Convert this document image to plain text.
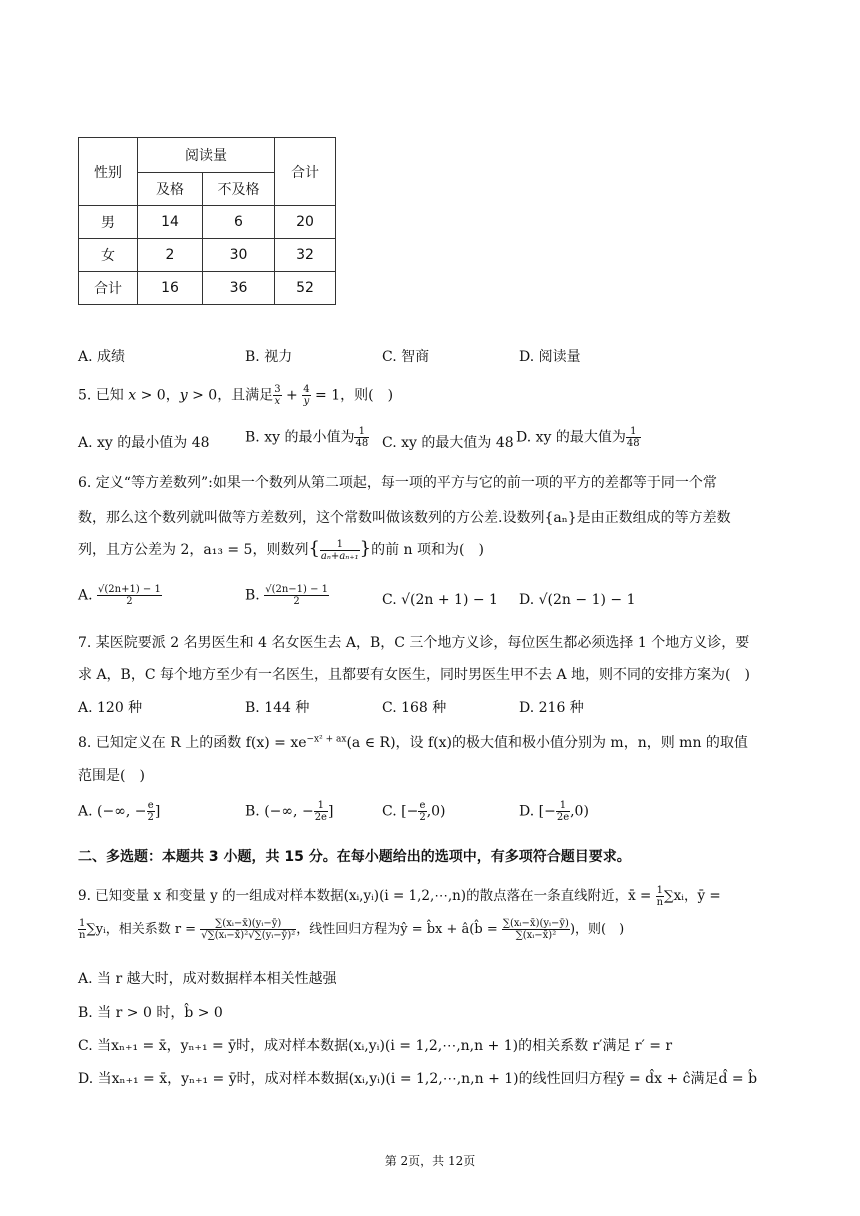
性别	阅读量		合计
	及格	不及格	
男	14	6	20
女	2	30	32
合计	16	36	52
A. 成绩	B. 视力	C. 智商	D. 阅读量
5. 已知 x > 0，y > 0，且满足 $\frac{3}{x} + \frac{4}{y} = 1$，则(　)
A. xy 的最小值为 48	B. xy 的最小值为 $\frac{1}{48} C$. xy 的最大值为 48 D. xy 的最大值为 $\frac{1}{48}$
6. 定义“等方差数列”:如果一个数列从第二项起，每一项的平方与它的前一项的平方的差都等于同一个常
数，那么这个数列就叫做等方差数列，这个常数叫做该数列的方公差.设数列{aₙ}是由正数组成的等方差数
列，且方公差为 2，a₁₃ = 5，则数列{ $\frac{1}{\text{aₙ+aₙ₊₁}}$ }的前 n 项和为(　)
A. $\frac{√(2n+1) - 1}{2}$	B. $\frac{√(2n-1) - 1}{2}$	C. √(2n + 1) − 1 D. √(2n − 1) − 1
7. 某医院要派 2 名男医生和 4 名女医生去 A，B，C 三个地方义诊，每位医生都必须选择 1 个地方义诊，要
求 A，B，C 每个地方至少有一名医生，且都要有女医生，同时男医生甲不去 A 地，则不同的安排方案为(　)
A. 120 种	B. 144 种	C. 168 种	D. 216 种
8. 已知定义在 R 上的函数 $f(x) = xe^{-x^2 + ax}(a$ ∈ R)，设 f(x)的极大值和极小值分别为 m，n，则 mn 的取值
范围是(　)
A. (−∞, − $\frac{e}{2}$ ]	B. (−∞, − $\frac{1}{2e}$ ]	C. [− $\frac{e}{2} ,0$)	D. [− $\frac{1}{2e} ,0$)
二、多选题：本题共 3 小题，共 15 分。在每小题给出的选项中，有多项符合题目要求。
9. 已知变量 x 和变量 y 的一组成对样本数据(xᵢ,yᵢ)(i = 1,2,⋯,n)的散点落在一条直线附近，x̄ = $\frac{1}{n}$ ∑xᵢ，ȳ =
$\frac{1}{n}$ ∑yᵢ，相关系数 $r = \frac{\text{∑(xᵢ−x̄)(yᵢ−ȳ)}}{\text{√∑(xᵢ−x̄)²√∑(yᵢ−ȳ)²}}$ ，线性回归方程为ŷ = b̂x + â(b̂ = $\frac{\text{∑(xᵢ−x̄)(yᵢ−ȳ)}}{\text{∑(xᵢ−x̄)²}}$ )，则(　)
A. 当 r 越大时，成对数据样本相关性越强
B. 当 r > 0 时，b̂ > 0
C. 当xₙ₊₁ = x̄，yₙ₊₁ = ȳ时，成对样本数据(xᵢ,yᵢ)(i = 1,2,⋯,n,n + 1)的相关系数 r′满足 r′ = r
D. 当xₙ₊₁ = x̄，yₙ₊₁ = ȳ时，成对样本数据(xᵢ,yᵢ)(i = 1,2,⋯,n,n + 1)的线性回归方程ỹ = d̂x + ĉ满足d̂ = b̂
第 2页，共 12页
